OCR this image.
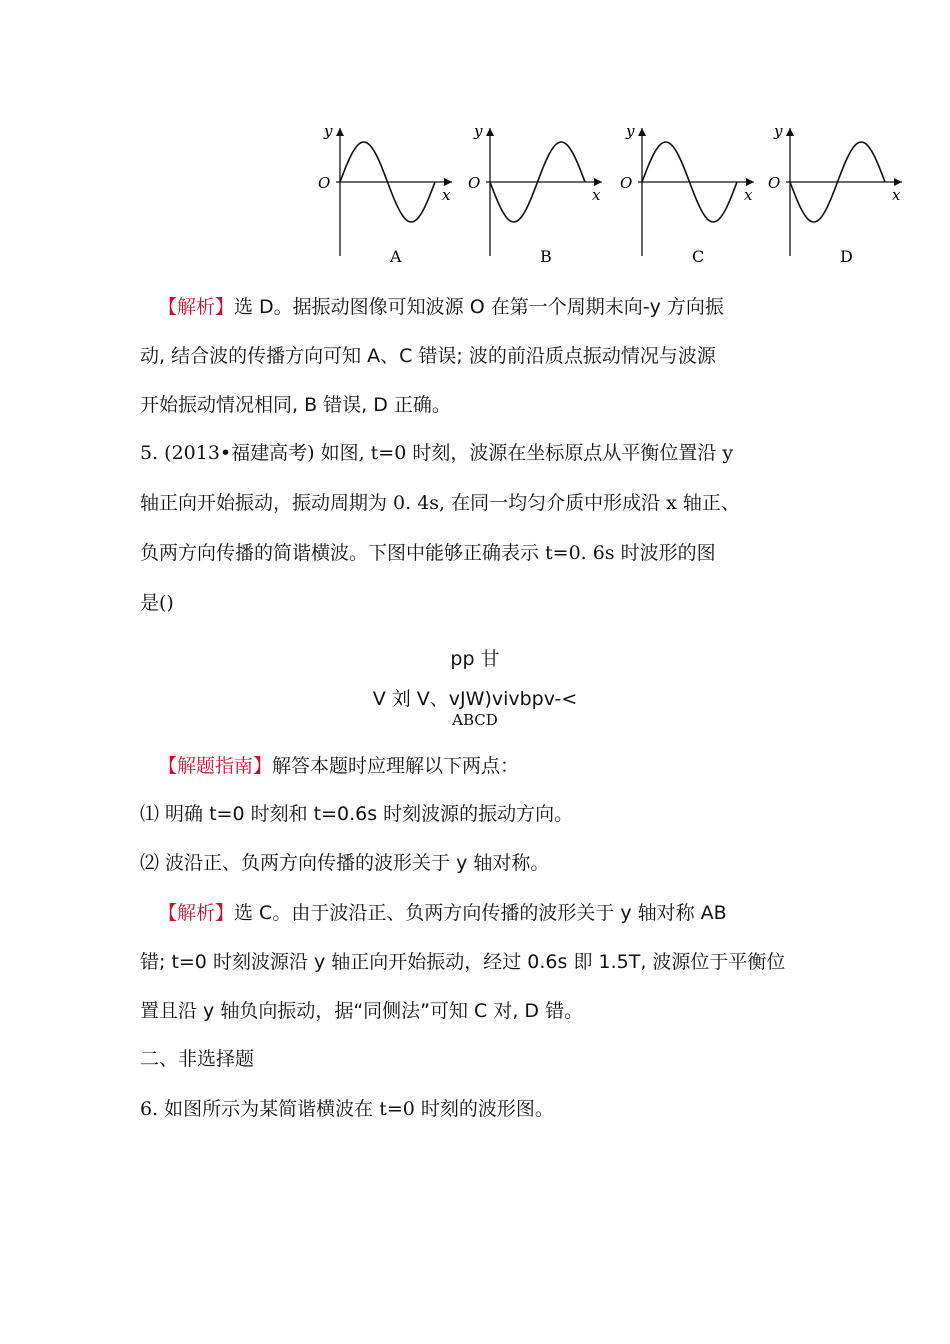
y
O
x
A
y
O
x
B
y
O
x
C
y
O
x
D
【解析】选 D。据振动图像可知波源 O 在第一个周期末向-y 方向振
动, 结合波的传播方向可知 A、C 错误; 波的前沿质点振动情况与波源
开始振动情况相同, B 错误, D 正确。
5. (2013•福建高考) 如图, t=0 时刻，波源在坐标原点从平衡位置沿 y
轴正向开始振动，振动周期为 0. 4s, 在同一均匀介质中形成沿 x 轴正、
负两方向传播的简谐横波。下图中能够正确表示 t=0. 6s 时波形的图
是()
pp 甘
V 刘 V、vJW)vivbpv-<
ABCD
【解题指南】解答本题时应理解以下两点：
⑴ 明确 t=0 时刻和 t=0.6s 时刻波源的振动方向。
⑵ 波沿正、负两方向传播的波形关于 y 轴对称。
【解析】选 C。由于波沿正、负两方向传播的波形关于 y 轴对称 AB
错; t=0 时刻波源沿 y 轴正向开始振动，经过 0.6s 即 1.5T, 波源位于平衡位
置且沿 y 轴负向振动，据“同侧法”可知 C 对, D 错。
二、非选择题
6. 如图所示为某简谐横波在 t=0 时刻的波形图。
